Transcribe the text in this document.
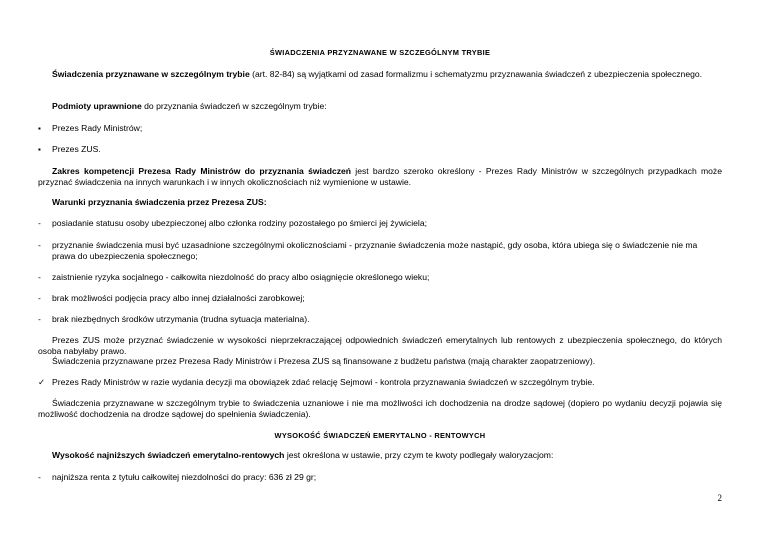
ŚWIADCZENIA PRZYZNAWANE W SZCZEGÓLNYM TRYBIE
Świadczenia przyznawane w szczególnym trybie (art. 82-84) są wyjątkami od zasad formalizmu i schematyzmu przyznawania świadczeń z ubezpieczenia społecznego.
Podmioty uprawnione do przyznania świadczeń w szczególnym trybie:
▪
Prezes Rady Ministrów;
▪
Prezes ZUS.
Zakres kompetencji Prezesa Rady Ministrów do przyznania świadczeń jest bardzo szeroko określony - Prezes Rady Ministrów w szczególnych przypadkach może przyznać świadczenia na innych warunkach i w innych okolicznościach niż wymienione w ustawie.
Warunki przyznania świadczenia przez Prezesa ZUS:
-
posiadanie statusu osoby ubezpieczonej albo członka rodziny pozostałego po śmierci jej żywiciela;
-
przyznanie świadczenia musi być uzasadnione szczególnymi okolicznościami - przyznanie świadczenia może nastąpić, gdy osoba, która ubiega się o świadczenie nie ma prawa do ubezpieczenia społecznego;
-
zaistnienie ryzyka socjalnego - całkowita niezdolność do pracy albo osiągnięcie określonego wieku;
-
brak możliwości podjęcia pracy albo innej działalności zarobkowej;
-
brak niezbędnych środków utrzymania (trudna sytuacja materialna).
Prezes ZUS może przyznać świadczenie w wysokości nieprzekraczającej odpowiednich świadczeń emerytalnych lub rentowych z ubezpieczenia społecznego, do których osoba nabyłaby prawo.
Świadczenia przyznawane przez Prezesa Rady Ministrów i Prezesa ZUS są finansowane z budżetu państwa (mają charakter zaopatrzeniowy).
✓
Prezes Rady Ministrów w razie wydania decyzji ma obowiązek zdać relację Sejmowi - kontrola przyznawania świadczeń w szczególnym trybie.
Świadczenia przyznawane w szczególnym trybie to świadczenia uznaniowe i nie ma możliwości ich dochodzenia na drodze sądowej (dopiero po wydaniu decyzji pojawia się możliwość dochodzenia na drodze sądowej do spełnienia świadczenia).
WYSOKOŚĆ ŚWIADCZEŃ EMERYTALNO - RENTOWYCH
Wysokość najniższych świadczeń emerytalno-rentowych jest określona w ustawie, przy czym te kwoty podlegały waloryzacjom:
-
najniższa renta z tytułu całkowitej niezdolności do pracy: 636 zł 29 gr;
2
